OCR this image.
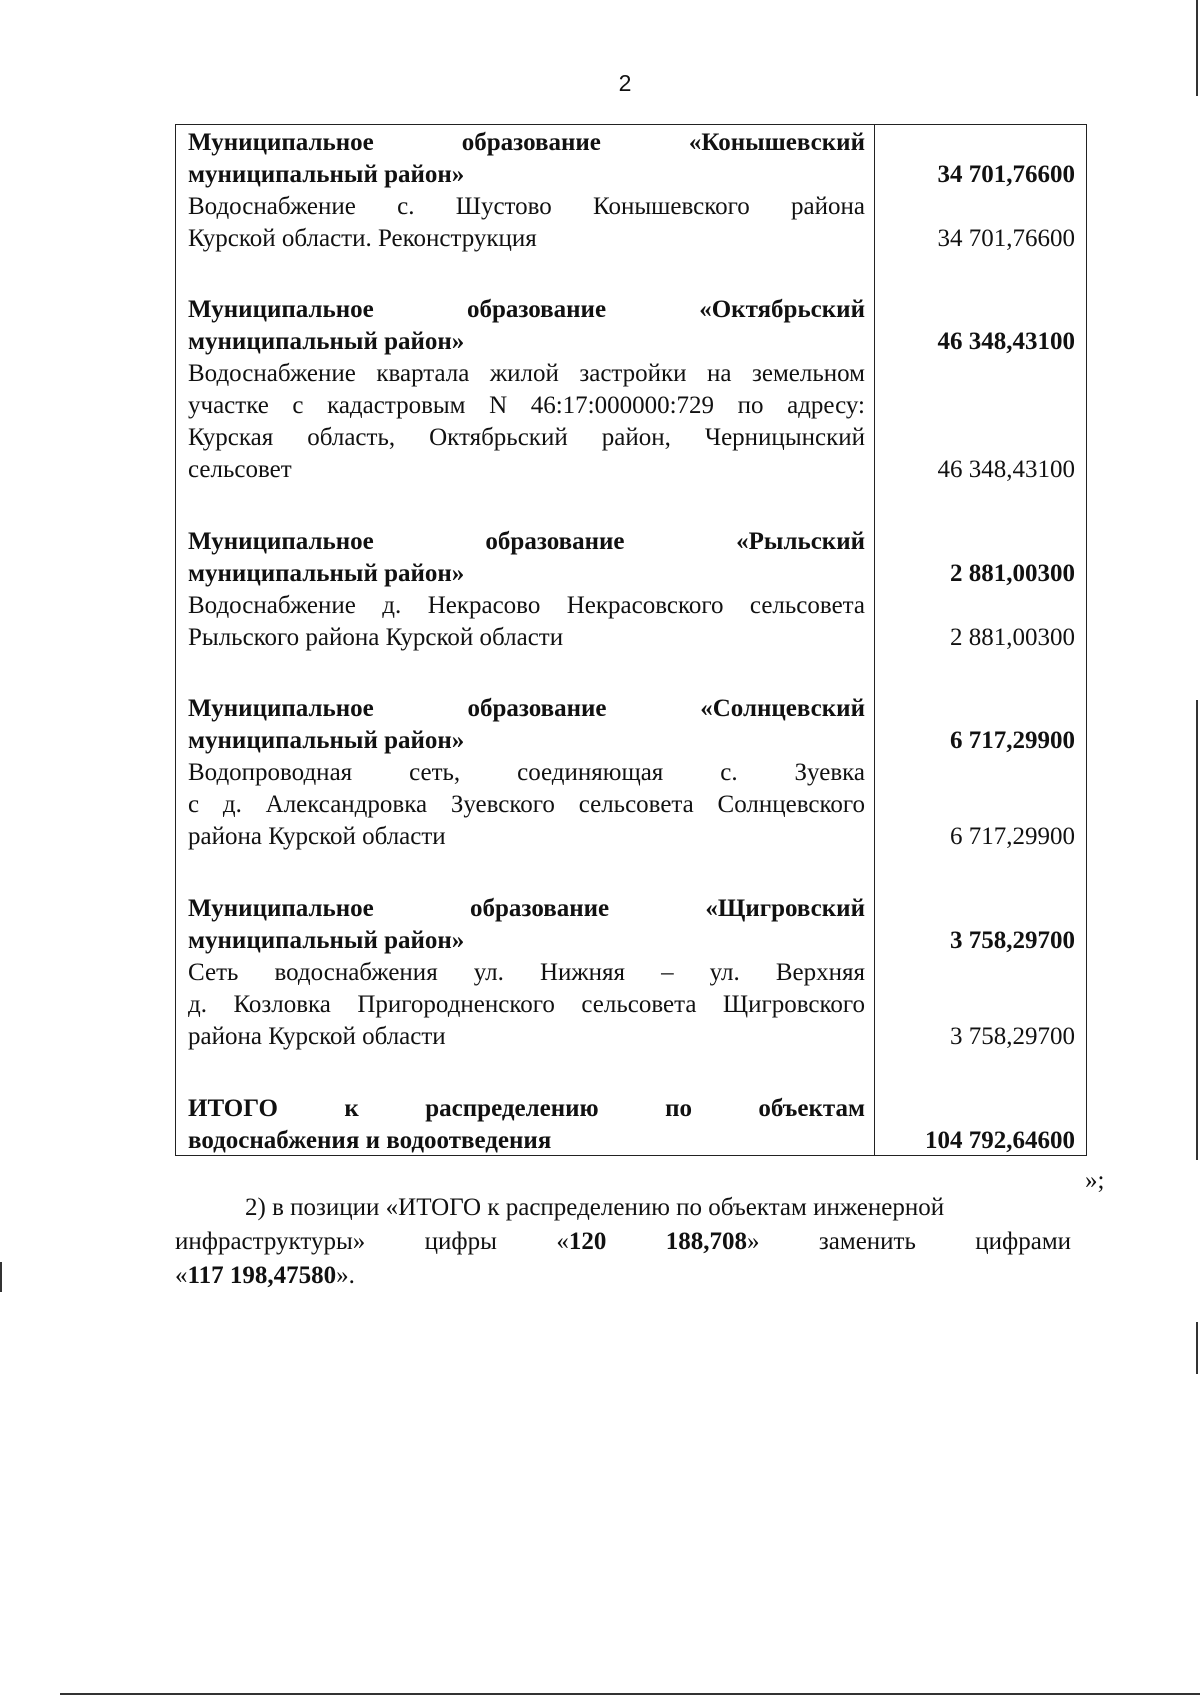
2
Муниципальное образование «Конышевский
муниципальный район»	34 701,76600
Водоснабжение с. Шустово Конышевского района
Курской области. Реконструкция	34 701,76600
Муниципальное образование «Октябрьский
муниципальный район»	46 348,43100
Водоснабжение квартала жилой застройки на земельном
участке с кадастровым N 46:17:000000:729 по адресу:
Курская область, Октябрьский район, Черницынский
сельсовет	46 348,43100
Муниципальное образование «Рыльский
муниципальный район»	2 881,00300
Водоснабжение д. Некрасово Некрасовского сельсовета
Рыльского района Курской области	2 881,00300
Муниципальное образование «Солнцевский
муниципальный район»	6 717,29900
Водопроводная сеть, соединяющая с. Зуевка
с д. Александровка Зуевского сельсовета Солнцевского
района Курской области	6 717,29900
Муниципальное образование «Щигровский
муниципальный район»	3 758,29700
Сеть водоснабжения ул. Нижняя – ул. Верхняя
д. Козловка Пригородненского сельсовета Щигровского
района Курской области	3 758,29700
ИТОГО к распределению по объектам
водоснабжения и водоотведения	104 792,64600
»;
2) в позиции «ИТОГО к распределению по объектам инженерной
инфраструктуры» цифры «120 188,708» заменить цифрами
«117 198,47580».
